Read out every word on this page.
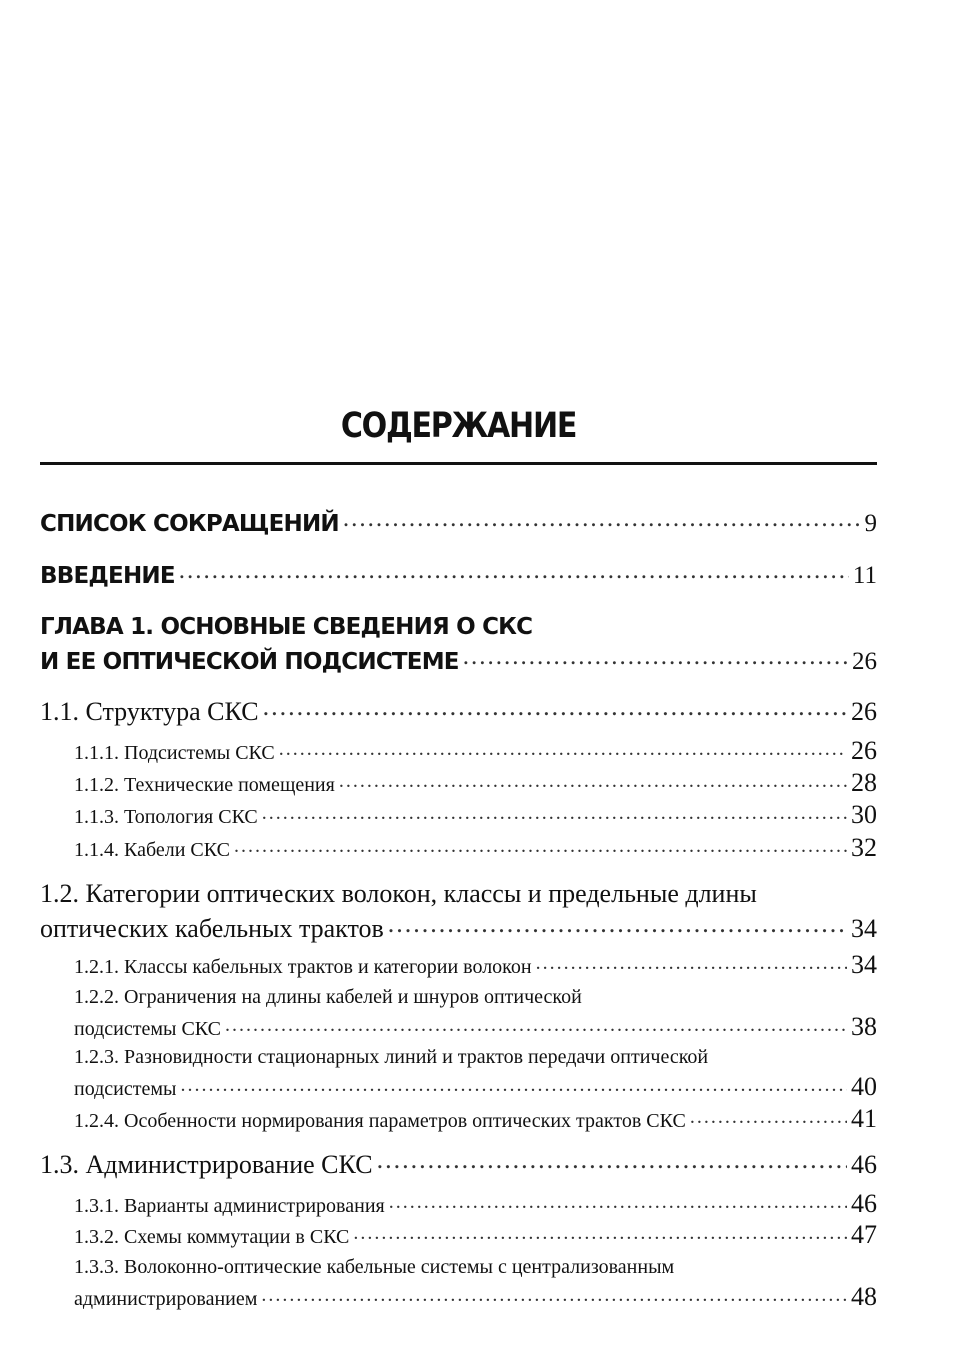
СОДЕРЖАНИЕ
СПИСОК СОКРАЩЕНИЙ .....	9
ВВЕДЕНИЕ .....	11
ГЛАВА 1. ОСНОВНЫЕ СВЕДЕНИЯ О СКС
И ЕЕ ОПТИЧЕСКОЙ ПОДСИСТЕМЕ .....	26
1.1. Структура СКС .....	26
1.1.1. Подсистемы СКС .....	26
1.1.2. Технические помещения .....	28
1.1.3. Топология СКС .....	30
1.1.4. Кабели СКС .....	32
1.2. Категории оптических волокон, классы и предельные длины
оптических кабельных трактов .....	34
1.2.1. Классы кабельных трактов и категории волокон .....	34
1.2.2. Ограничения на длины кабелей и шнуров оптической
подсистемы СКС .....	38
1.2.3. Разновидности стационарных линий и трактов передачи оптической
подсистемы .....	40
1.2.4. Особенности нормирования параметров оптических трактов СКС .....	41
1.3. Администрирование СКС .....	46
1.3.1. Варианты администрирования .....	46
1.3.2. Схемы коммутации в СКС .....	47
1.3.3. Волоконно-оптические кабельные системы с централизованным
администрированием .....	48
